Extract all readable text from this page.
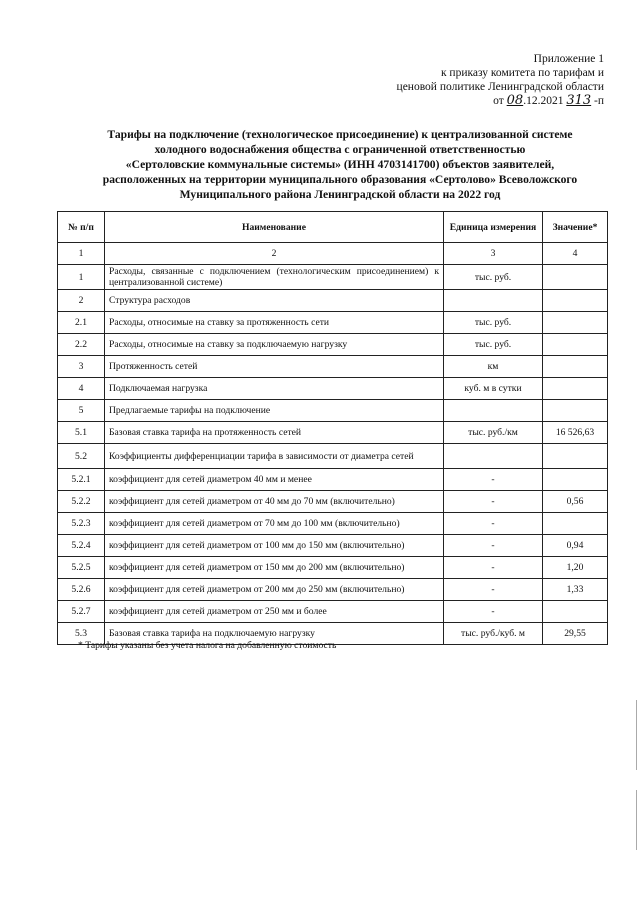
Приложение 1
к приказу комитета по тарифам и
ценовой политике Ленинградской области
от 08.12.2021 313 -п
Тарифы на подключение (технологическое присоединение) к централизованной системе
холодного водоснабжения общества с ограниченной ответственностью
«Сертоловские коммунальные системы» (ИНН 4703141700) объектов заявителей,
расположенных на территории муниципального образования «Сертолово» Всеволожского
Муниципального района Ленинградской области на 2022 год
№ п/п	Наименование	Единица измерения	Значение*
1	2	3	4
1	Расходы, связанные с подключением (технологическим присоединением) к централизованной системе)	тыс. руб.	
2	Структура расходов		
2.1	Расходы, относимые на ставку за протяженность сети	тыс. руб.	
2.2	Расходы, относимые на ставку за подключаемую нагрузку	тыс. руб.	
3	Протяженность сетей	км	
4	Подключаемая нагрузка	куб. м в сутки	
5	Предлагаемые тарифы на подключение		
5.1	Базовая ставка тарифа на протяженность сетей	тыс. руб./км	16 526,63
5.2	Коэффициенты дифференциации тарифа в зависимости от диаметра сетей		
5.2.1	коэффициент для сетей диаметром 40 мм и менее	-	
5.2.2	коэффициент для сетей диаметром от 40 мм до 70 мм (включительно)	-	0,56
5.2.3	коэффициент для сетей диаметром от 70 мм до 100 мм (включительно)	-	
5.2.4	коэффициент для сетей диаметром от 100 мм до 150 мм (включительно)	-	0,94
5.2.5	коэффициент для сетей диаметром от 150 мм до 200 мм (включительно)	-	1,20
5.2.6	коэффициент для сетей диаметром от 200 мм до 250 мм (включительно)	-	1,33
5.2.7	коэффициент для сетей диаметром от 250 мм и более	-	
5.3	Базовая ставка тарифа на подключаемую нагрузку	тыс. руб./куб. м	29,55
* Тарифы указаны без учета налога на добавленную стоимость
